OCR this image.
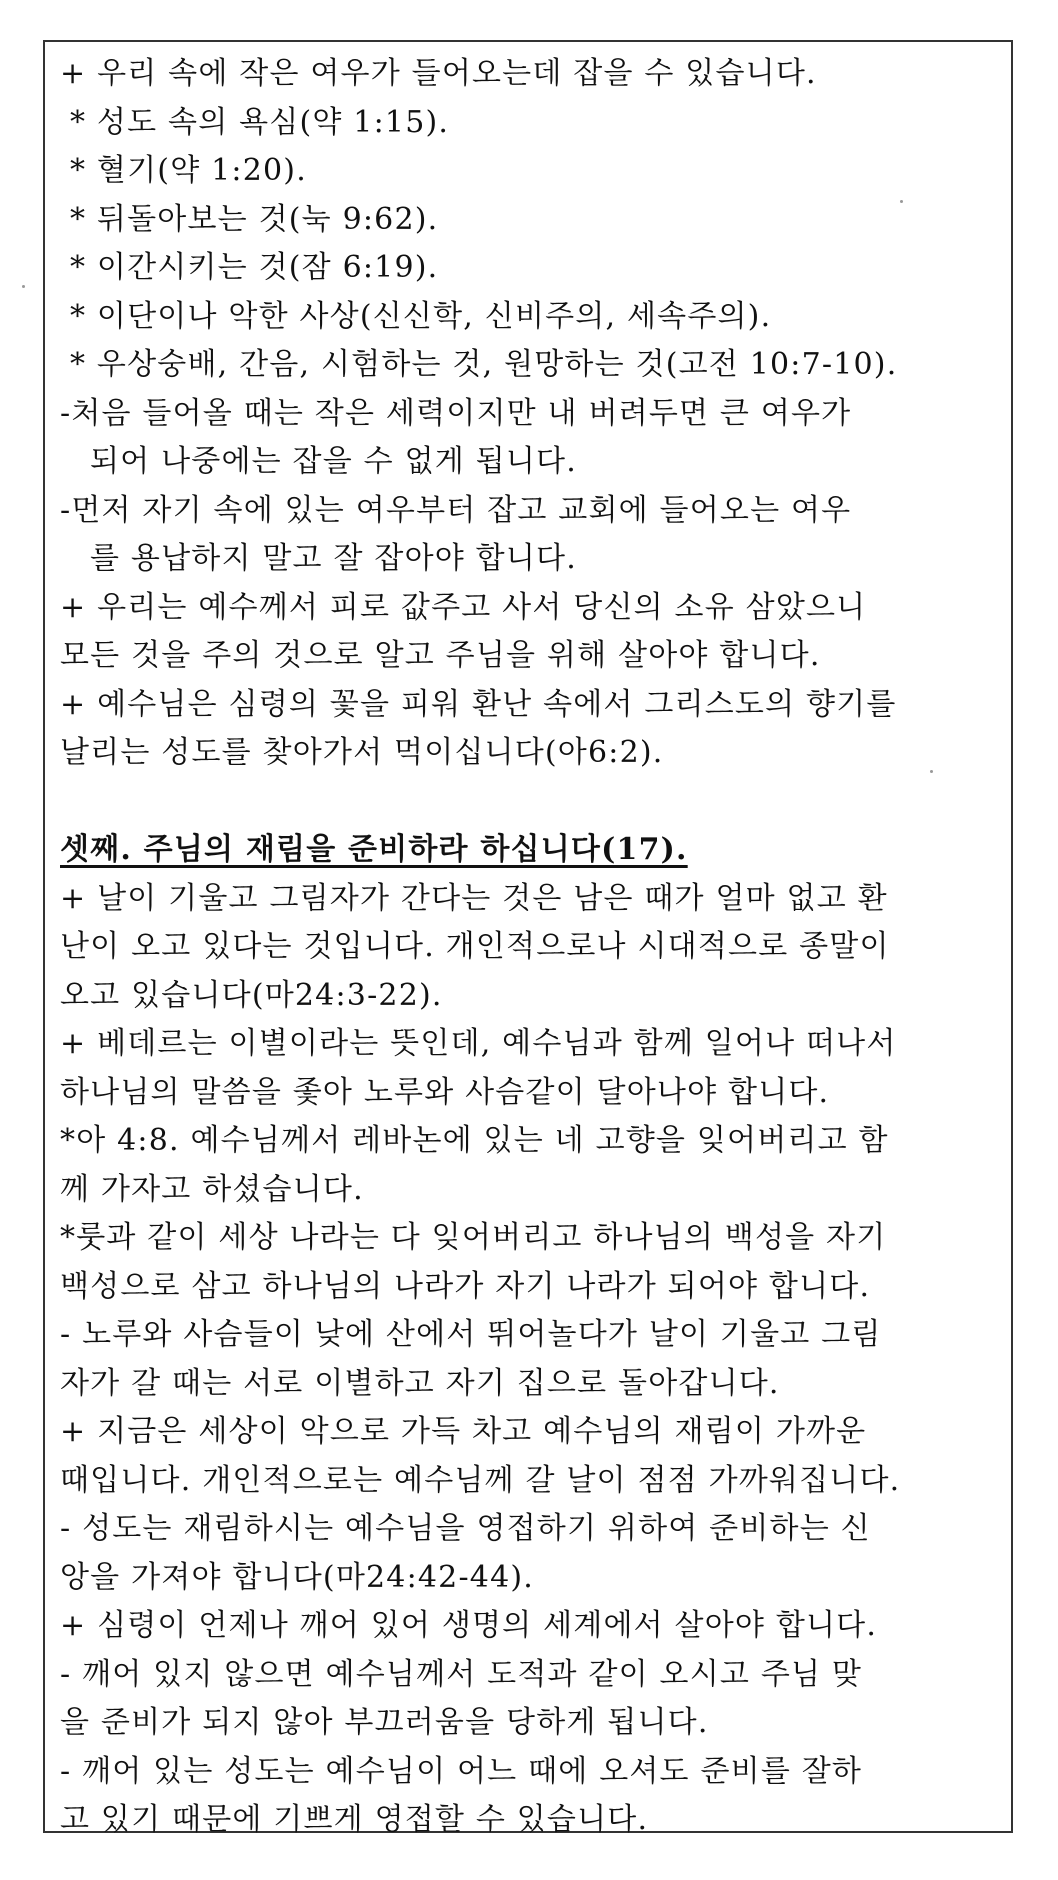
+ 우리 속에 작은 여우가 들어오는데 잡을 수 있습니다.
* 성도 속의 욕심(약 1:15).
* 혈기(약 1:20).
* 뒤돌아보는 것(눅 9:62).
* 이간시키는 것(잠 6:19).
* 이단이나 악한 사상(신신학, 신비주의, 세속주의).
* 우상숭배, 간음, 시험하는 것, 원망하는 것(고전 10:7-10).
-처음 들어올 때는 작은 세력이지만 내 버려두면 큰 여우가
되어 나중에는 잡을 수 없게 됩니다.
-먼저 자기 속에 있는 여우부터 잡고 교회에 들어오는 여우
를 용납하지 말고 잘 잡아야 합니다.
+ 우리는 예수께서 피로 값주고 사서 당신의 소유 삼았으니
모든 것을 주의 것으로 알고 주님을 위해 살아야 합니다.
+ 예수님은 심령의 꽃을 피워 환난 속에서 그리스도의 향기를
날리는 성도를 찾아가서 먹이십니다(아6:2).
셋째. 주님의 재림을 준비하라 하십니다(17).
+ 날이 기울고 그림자가 간다는 것은 남은 때가 얼마 없고 환
난이 오고 있다는 것입니다. 개인적으로나 시대적으로 종말이
오고 있습니다(마24:3-22).
+ 베데르는 이별이라는 뜻인데, 예수님과 함께 일어나 떠나서
하나님의 말씀을 좇아 노루와 사슴같이 달아나야 합니다.
*아 4:8. 예수님께서 레바논에 있는 네 고향을 잊어버리고 함
께 가자고 하셨습니다.
*룻과 같이 세상 나라는 다 잊어버리고 하나님의 백성을 자기
백성으로 삼고 하나님의 나라가 자기 나라가 되어야 합니다.
- 노루와 사슴들이 낮에 산에서 뛰어놀다가 날이 기울고 그림
자가 갈 때는 서로 이별하고 자기 집으로 돌아갑니다.
+ 지금은 세상이 악으로 가득 차고 예수님의 재림이 가까운
때입니다. 개인적으로는 예수님께 갈 날이 점점 가까워집니다.
- 성도는 재림하시는 예수님을 영접하기 위하여 준비하는 신
앙을 가져야 합니다(마24:42-44).
+ 심령이 언제나 깨어 있어 생명의 세계에서 살아야 합니다.
- 깨어 있지 않으면 예수님께서 도적과 같이 오시고 주님 맞
을 준비가 되지 않아 부끄러움을 당하게 됩니다.
- 깨어 있는 성도는 예수님이 어느 때에 오셔도 준비를 잘하
고 있기 때문에 기쁘게 영접할 수 있습니다.
